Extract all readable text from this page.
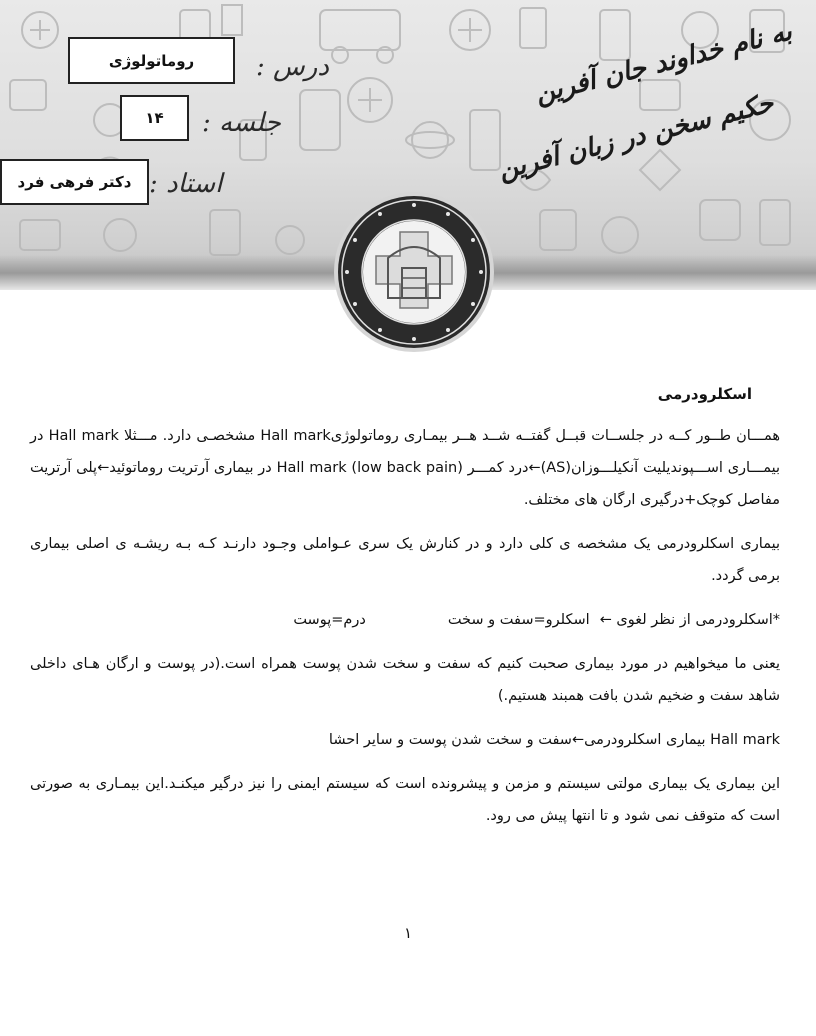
درس :
روماتولوژی
جلسه :
۱۴
استاد :
دکتر فرهی فرد
به نام خداوند جان آفرین
حکیم سخن در زبان آفرین
اسکلرودرمی

همـــان طــور کــه در جلســات قبــل گفتــه شــد هــر بیمـاری روماتولوژیHall mark مشخصـی دارد. مـــثلا Hall mark در بیمـــاری اســـپوندیلیت آنکیلـــوزان(AS)←درد کمـــر (low back pain) Hall mark در بیماری آرتریت روماتوئید←پلی آرتریت مفاصل کوچک+درگیری ارگان های مختلف.

بیماری اسکلرودرمی یک مشخصه ی کلی دارد و در کنارش یک سری عـواملی وجـود دارنـد کـه بـه ریشـه ی اصلی بیماری برمی گردد.

*اسکلرودرمی از نظر لغوی ←
اسکلرو=سفت و سخت
درم=پوست

یعنی ما میخواهیم در مورد بیماری صحبت کنیم که سفت و سخت شدن پوست همراه است.(در پوست و ارگان هـای داخلی شاهد سفت و ضخیم شدن بافت همبند هستیم.)

Hall mark بیماری اسکلرودرمی←سفت و سخت شدن پوست و سایر احشا

این بیماری یک بیماری مولتی سیستم و مزمن و پیشرونده است که سیستم ایمنی را نیز درگیر میکنـد.این بیمـاری به صورتی است که متوقف نمی شود و تا انتها پیش می رود.

۱
